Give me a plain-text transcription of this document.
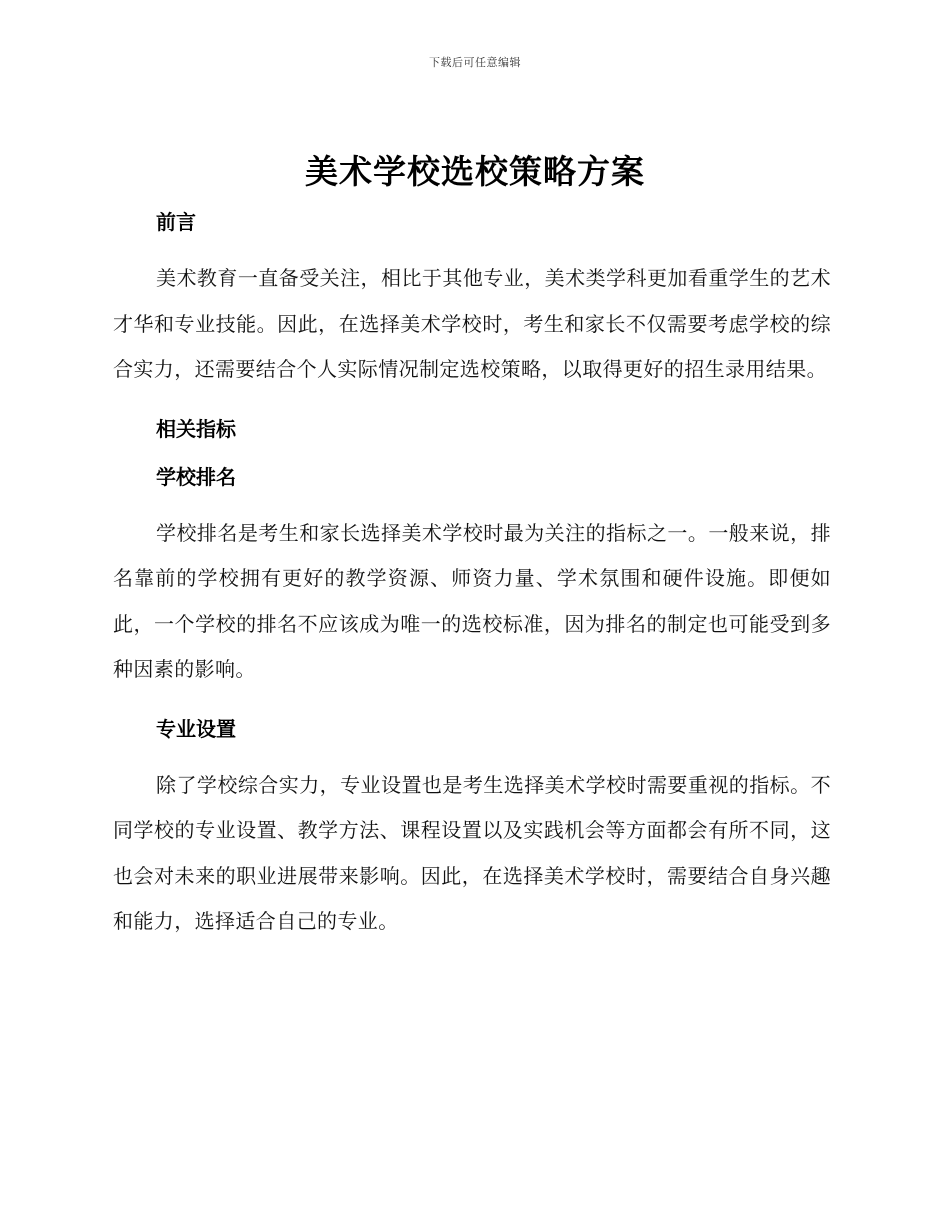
下载后可任意编辑
美术学校选校策略方案
前言

美术教育一直备受关注，相比于其他专业，美术类学科更加看重学生的艺术才华和专业技能。因此，在选择美术学校时，考生和家长不仅需要考虑学校的综合实力，还需要结合个人实际情况制定选校策略，以取得更好的招生录用结果。

相关指标
学校排名

学校排名是考生和家长选择美术学校时最为关注的指标之一。一般来说，排名靠前的学校拥有更好的教学资源、师资力量、学术氛围和硬件设施。即便如此，一个学校的排名不应该成为唯一的选校标准，因为排名的制定也可能受到多种因素的影响。

专业设置

除了学校综合实力，专业设置也是考生选择美术学校时需要重视的指标。不同学校的专业设置、教学方法、课程设置以及实践机会等方面都会有所不同，这也会对未来的职业进展带来影响。因此，在选择美术学校时，需要结合自身兴趣和能力，选择适合自己的专业。
